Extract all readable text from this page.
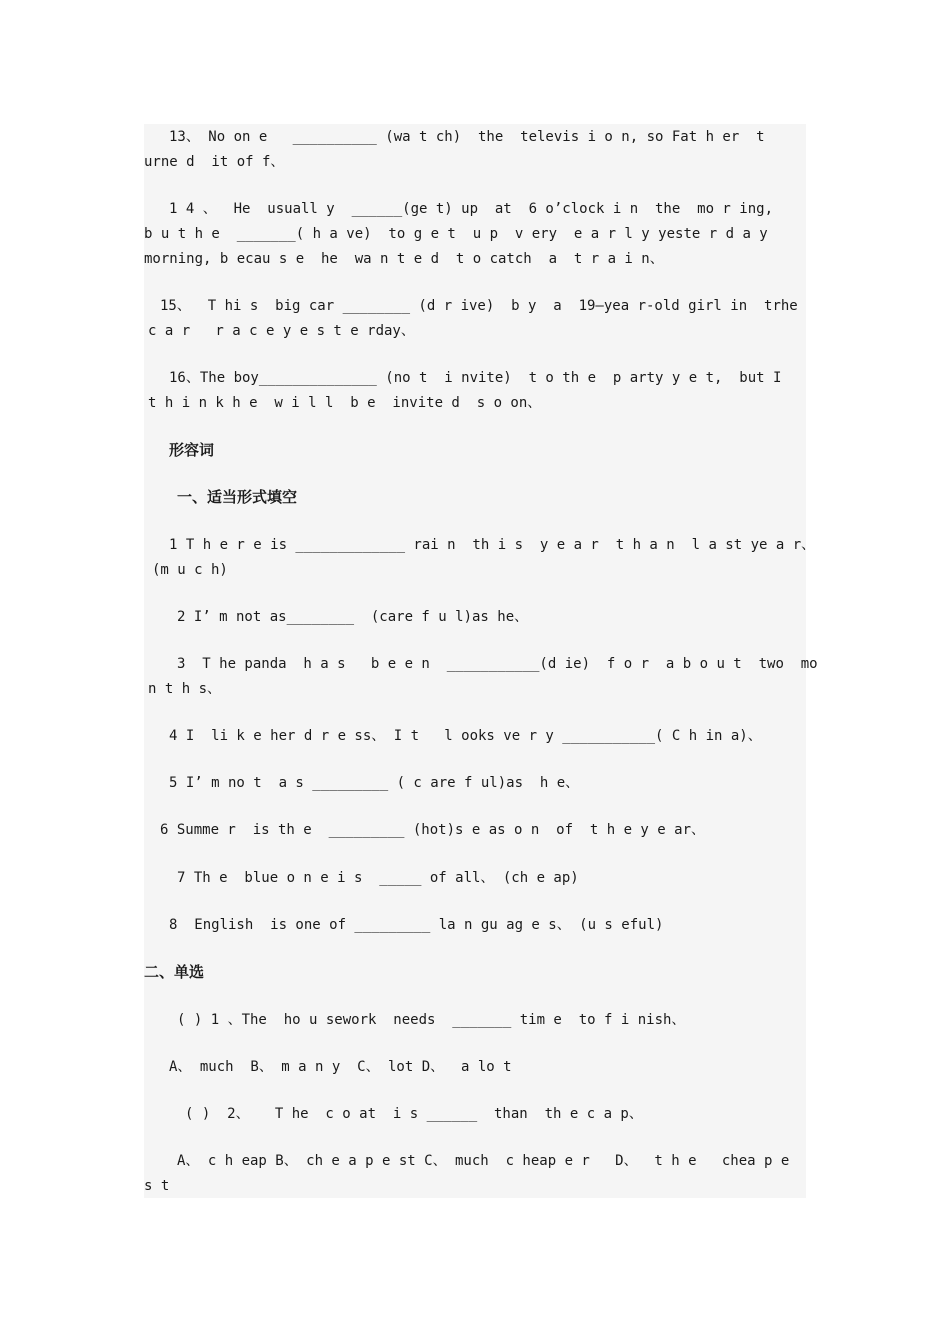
13、 No on e   __________ (wa t ch)  the  televis i o n, so Fat h er  t
urne d  it of f、
1 4 、  He  usuall y  ______(ge t) up  at  6 o’clock i n  the  mo r ing,
b u t h e  _______( h a ve)  to g e t  u p  v ery  e a r l y yeste r d a y
morning, b ecau s e  he  wa n t e d  t o catch  a  t r a i n、
15、  T hi s  big car ________ (d r ive)  b y  a  19—yea r-old girl in  trhe
c a r   r a c e y e s t e rday、
16、The boy______________ (no t  i nvite)  t o th e  p arty y e t,  but I
t h i n k h e  w i l l  b e  invite d  s o on、
形容词
一、适当形式填空
1 T h e r e is _____________ rai n  th i s  y e a r  t h a n  l a st ye a r、
(m u c h)
2 I’ m not as________  (care f u l)as he、
3  T he panda  h a s   b e e n  ___________(d ie)  f o r  a b o u t  two  mo
n t h s、
4 I  li k e her d r e ss、 I t   l ooks ve r y ___________( C h in a)、
5 I’ m no t  a s _________ ( c are f ul)as  h e、
6 Summe r  is th e  _________ (hot)s e as o n  of  t h e y e ar、
7 Th e  blue o n e i s  _____ of all、 (ch e ap)
8  English  is one of _________ la n gu ag e s、 (u s eful)
二、单选
( ) 1 、The  ho u sework  needs  _______ tim e  to f i nish、
A、 much  B、 m a n y  C、 lot D、  a lo t
( )  2、   T he  c o at  i s ______  than  th e c a p、
A、 c h eap B、 ch e a p e st C、 much  c heap e r   D、  t h e   chea p e
s t
